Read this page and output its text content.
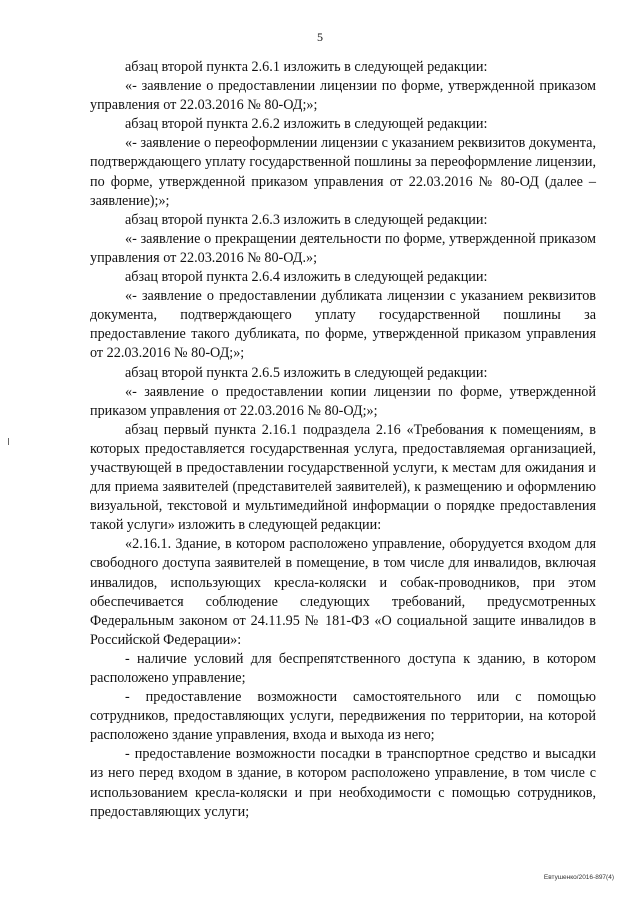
5

абзац второй пункта 2.6.1 изложить в следующей редакции:

«- заявление о предоставлении лицензии по форме, утвержденной приказом управления от 22.03.2016 № 80-ОД;»;

абзац второй пункта 2.6.2 изложить в следующей редакции:

«- заявление о переоформлении лицензии с указанием реквизитов документа, подтверждающего уплату государственной пошлины за переоформление лицензии, по форме, утвержденной приказом управления от 22.03.2016 № 80-ОД (далее – заявление);»;

абзац второй пункта 2.6.3 изложить в следующей редакции:

«- заявление о прекращении деятельности по форме, утвержденной приказом управления от 22.03.2016 № 80-ОД.»;

абзац второй пункта 2.6.4 изложить в следующей редакции:

«- заявление о предоставлении дубликата лицензии с указанием реквизитов документа, подтверждающего уплату государственной пошлины за предоставление такого дубликата, по форме, утвержденной приказом управления от 22.03.2016 № 80-ОД;»;

абзац второй пункта 2.6.5 изложить в следующей редакции:

«- заявление о предоставлении копии лицензии по форме, утвержденной приказом управления от 22.03.2016 № 80-ОД;»;

абзац первый пункта 2.16.1 подраздела 2.16 «Требования к помещениям, в которых предоставляется государственная услуга, предоставляемая организацией, участвующей в предоставлении государственной услуги, к местам для ожидания и для приема заявителей (представителей заявителей), к размещению и оформлению визуальной, текстовой и мультимедийной информации о порядке предоставления такой услуги» изложить в следующей редакции:

«2.16.1. Здание, в котором расположено управление, оборудуется входом для свободного доступа заявителей в помещение, в том числе для инвалидов, включая инвалидов, использующих кресла-коляски и собак-проводников, при этом обеспечивается соблюдение следующих требований, предусмотренных Федеральным законом от 24.11.95 № 181-ФЗ «О социальной защите инвалидов в Российской Федерации»:

- наличие условий для беспрепятственного доступа к зданию, в котором расположено управление;

- предоставление возможности самостоятельного или с помощью сотрудников, предоставляющих услуги, передвижения по территории, на которой расположено здание управления, входа и выхода из него;

- предоставление возможности посадки в транспортное средство и высадки из него перед входом в здание, в котором расположено управление, в том числе с использованием кресла-коляски и при необходимости с помощью сотрудников, предоставляющих услуги;

Евтушенко/2016-897(4)
